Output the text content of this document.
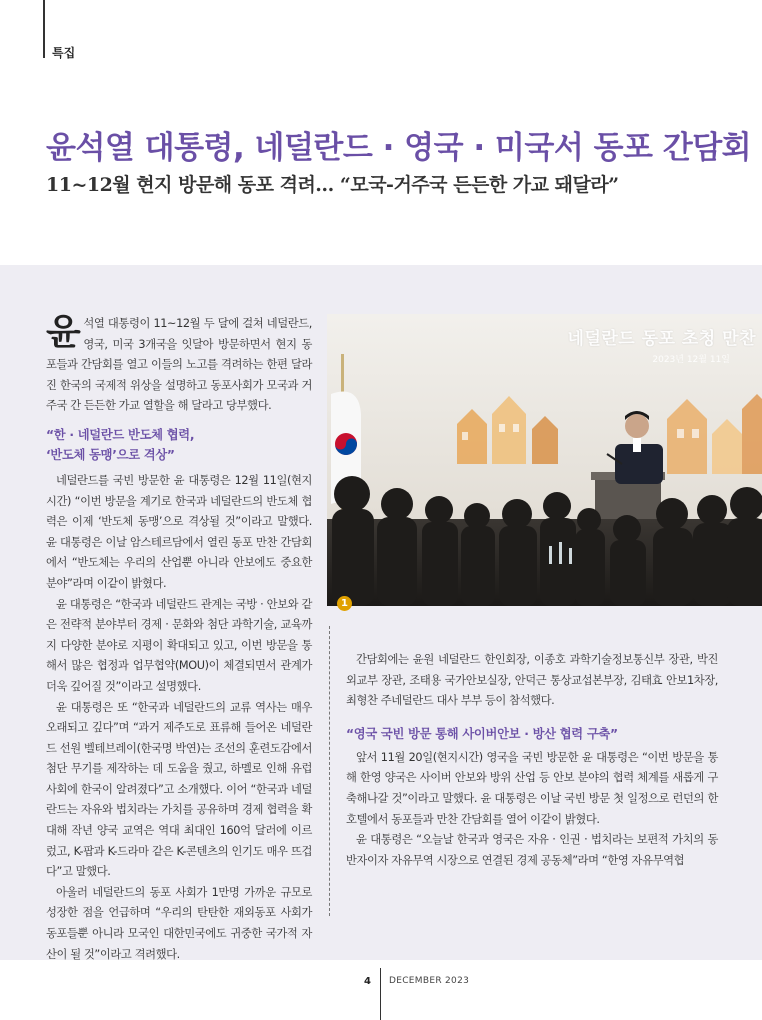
특집
윤석열 대통령, 네덜란드 · 영국 · 미국서 동포 간담회
11~12월 현지 방문해 동포 격려… “모국-거주국 든든한 가교 돼달라”

윤석열 대통령이 11~12월 두 달에 걸쳐 네덜란드, 영국, 미국 3개국을 잇달아 방문하면서 현지 동포들과 간담회를 열고 이들의 노고를 격려하는 한편 달라진 한국의 국제적 위상을 설명하고 동포사회가 모국과 거주국 간 든든한 가교 열할을 해 달라고 당부했다.

“한 · 네덜란드 반도체 협력,
‘반도체 동맹’으로 격상”

네덜란드를 국빈 방문한 윤 대통령은 12월 11일(현지시간) “이번 방문을 계기로 한국과 네덜란드의 반도체 협력은 이제 ‘반도체 동맹’으로 격상될 것”이라고 말했다. 윤 대통령은 이날 암스테르담에서 열린 동포 만찬 간담회에서 “반도체는 우리의 산업뿐 아니라 안보에도 중요한 분야”라며 이같이 밝혔다.

윤 대통령은 “한국과 네덜란드 관계는 국방 · 안보와 같은 전략적 분야부터 경제 · 문화와 첨단 과학기술, 교육까지 다양한 분야로 지평이 확대되고 있고, 이번 방문을 통해서 많은 협정과 업무협약(MOU)이 체결되면서 관계가 더욱 깊어질 것”이라고 설명했다.

윤 대통령은 또 “한국과 네덜란드의 교류 역사는 매우 오래되고 깊다”며 “과거 제주도로 표류해 들어온 네덜란드 선원 벨테브레이(한국명 박연)는 조선의 훈련도감에서 첨단 무기를 제작하는 데 도움을 줬고, 하멜로 인해 유럽 사회에 한국이 알려졌다”고 소개했다. 이어 “한국과 네덜란드는 자유와 법치라는 가치를 공유하며 경제 협력을 확대해 작년 양국 교역은 역대 최대인 160억 달러에 이르렀고, K-팝과 K-드라마 같은 K-콘텐츠의 인기도 매우 뜨겁다”고 말했다.

아울러 네덜란드의 동포 사회가 1만명 가까운 규모로 성장한 점을 언급하며 “우리의 탄탄한 재외동포 사회가 동포들뿐 아니라 모국인 대한민국에도 귀중한 국가적 자산이 될 것”이라고 격려했다.

네덜란드 동포 초청 만찬
2023년 12월 11일
1

간담회에는 윤원 네덜란드 한인회장, 이종호 과학기술정보통신부 장관, 박진 외교부 장관, 조태용 국가안보실장, 안덕근 통상교섭본부장, 김태효 안보1차장, 최형찬 주네덜란드 대사 부부 등이 참석했다.

“영국 국빈 방문 통해 사이버안보 · 방산 협력 구축”

앞서 11월 20일(현지시간) 영국을 국빈 방문한 윤 대통령은 “이번 방문을 통해 한영 양국은 사이버 안보와 방위 산업 등 안보 분야의 협력 체계를 새롭게 구축해나갈 것”이라고 말했다. 윤 대통령은 이날 국빈 방문 첫 일정으로 런던의 한 호텔에서 동포들과 만찬 간담회를 열어 이같이 밝혔다.

윤 대통령은 “오늘날 한국과 영국은 자유 · 인권 · 법치라는 보편적 가치의 동반자이자 자유무역 시장으로 연결된 경제 공동체”라며 “한영 자유무역협

4 DECEMBER 2023
